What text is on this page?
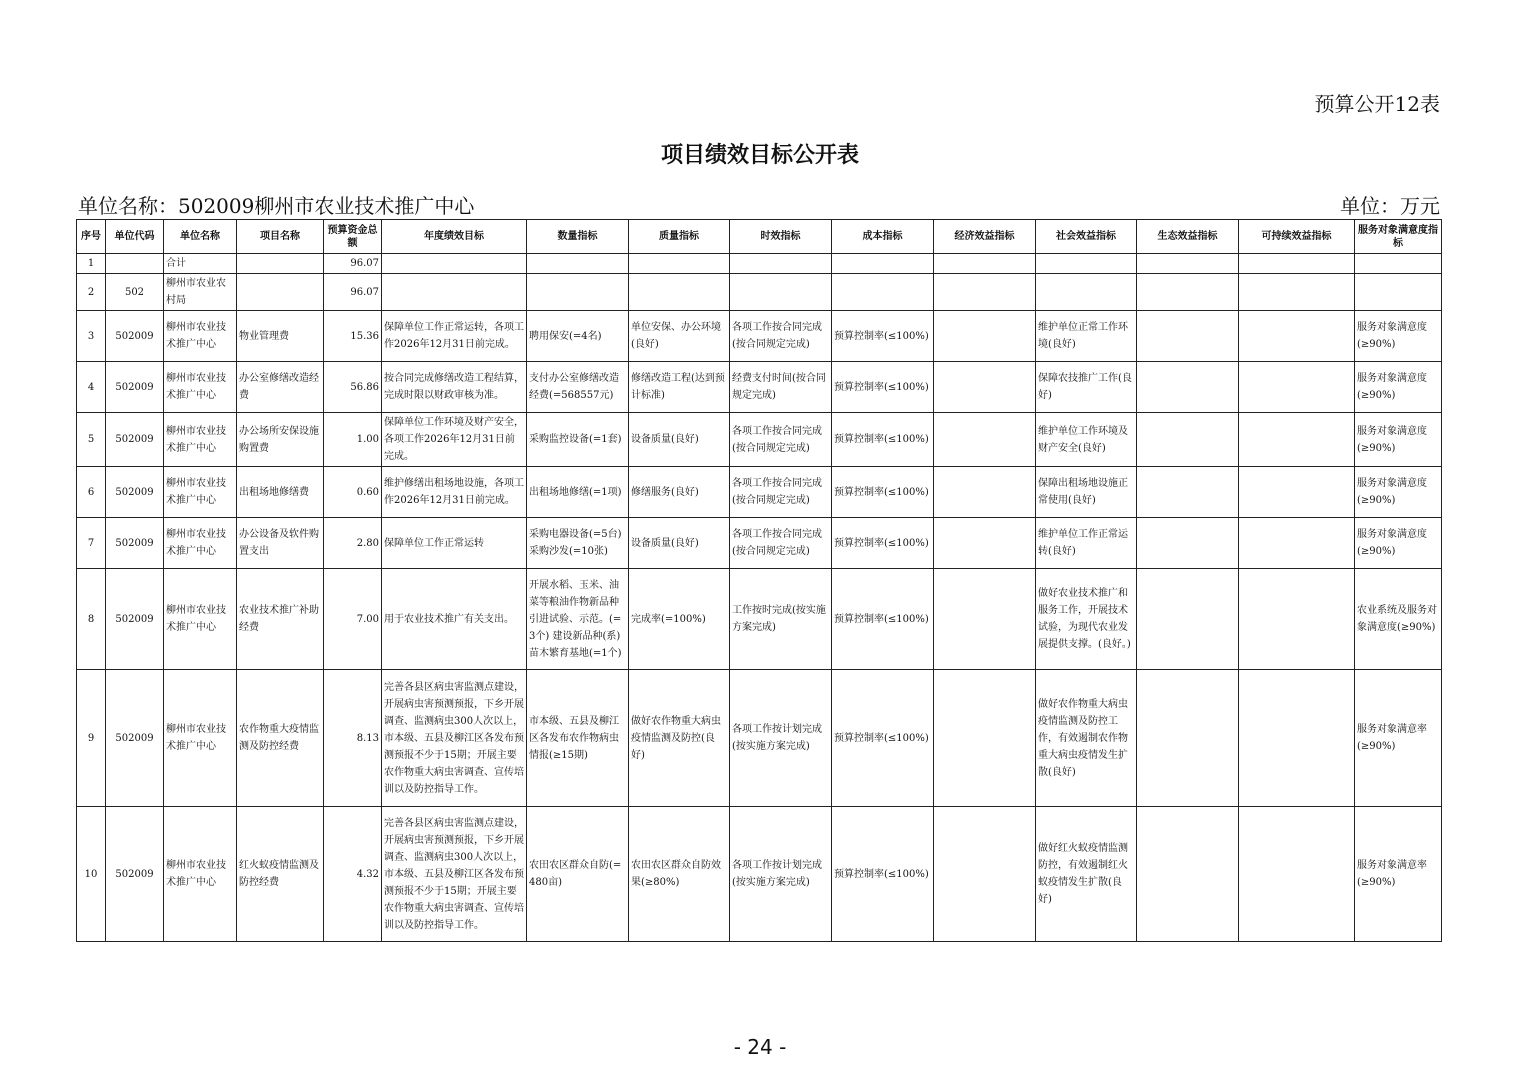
预算公开12表
项目绩效目标公开表
单位名称：502009柳州市农业技术推广中心	单位：万元
序号	单位代码	单位名称	项目名称	预算资金总额	年度绩效目标	数量指标	质量指标	时效指标	成本指标	经济效益指标	社会效益指标	生态效益指标	可持续效益指标	服务对象满意度指标
1		合计		96.07										
2	502	柳州市农业农村局		96.07										
3	502009	柳州市农业技术推广中心	物业管理费	15.36	保障单位工作正常运转，各项工作2026年12月31日前完成。	聘用保安(=4名)	单位安保、办公环境(良好)	各项工作按合同完成(按合同规定完成)	预算控制率(≤100%)		维护单位正常工作环境(良好)			服务对象满意度(≥90%)
4	502009	柳州市农业技术推广中心	办公室修缮改造经费	56.86	按合同完成修缮改造工程结算，完成时限以财政审核为准。	支付办公室修缮改造经费(=568557元)	修缮改造工程(达到预计标准)	经费支付时间(按合同规定完成)	预算控制率(≤100%)		保障农技推广工作(良好)			服务对象满意度(≥90%)
5	502009	柳州市农业技术推广中心	办公场所安保设施购置费	1.00	保障单位工作环境及财产安全，各项工作2026年12月31日前完成。	采购监控设备(=1套)	设备质量(良好)	各项工作按合同完成(按合同规定完成)	预算控制率(≤100%)		维护单位工作环境及财产安全(良好)			服务对象满意度(≥90%)
6	502009	柳州市农业技术推广中心	出租场地修缮费	0.60	维护修缮出租场地设施，各项工作2026年12月31日前完成。	出租场地修缮(=1项)	修缮服务(良好)	各项工作按合同完成(按合同规定完成)	预算控制率(≤100%)		保障出租场地设施正常使用(良好)			服务对象满意度(≥90%)
7	502009	柳州市农业技术推广中心	办公设备及软件购置支出	2.80	保障单位工作正常运转	采购电器设备(=5台) 采购沙发(=10张)	设备质量(良好)	各项工作按合同完成(按合同规定完成)	预算控制率(≤100%)		维护单位工作正常运转(良好)			服务对象满意度(≥90%)
8	502009	柳州市农业技术推广中心	农业技术推广补助经费	7.00	用于农业技术推广有关支出。	开展水稻、玉米、油菜等粮油作物新品种引进试验、示范。(=3个) 建设新品种(系)苗木繁育基地(=1个)	完成率(=100%)	工作按时完成(按实施方案完成)	预算控制率(≤100%)		做好农业技术推广和服务工作，开展技术试验，为现代农业发展提供支撑。(良好。)			农业系统及服务对象满意度(≥90%)
9	502009	柳州市农业技术推广中心	农作物重大疫情监测及防控经费	8.13	完善各县区病虫害监测点建设，开展病虫害预测预报，下乡开展调查、监测病虫300人次以上，市本级、五县及柳江区各发布预测预报不少于15期；开展主要农作物重大病虫害调查、宣传培训以及防控指导工作。	市本级、五县及柳江区各发布农作物病虫情报(≥15期)	做好农作物重大病虫疫情监测及防控(良好)	各项工作按计划完成(按实施方案完成)	预算控制率(≤100%)		做好农作物重大病虫疫情监测及防控工作，有效遏制农作物重大病虫疫情发生扩散(良好)			服务对象满意率(≥90%)
10	502009	柳州市农业技术推广中心	红火蚁疫情监测及防控经费	4.32	完善各县区病虫害监测点建设，开展病虫害预测预报，下乡开展调查、监测病虫300人次以上，市本级、五县及柳江区各发布预测预报不少于15期；开展主要农作物重大病虫害调查、宣传培训以及防控指导工作。	农田农区群众自防(=480亩)	农田农区群众自防效果(≥80%)	各项工作按计划完成(按实施方案完成)	预算控制率(≤100%)		做好红火蚁疫情监测防控，有效遏制红火蚁疫情发生扩散(良好)			服务对象满意率(≥90%)
- 24 -
